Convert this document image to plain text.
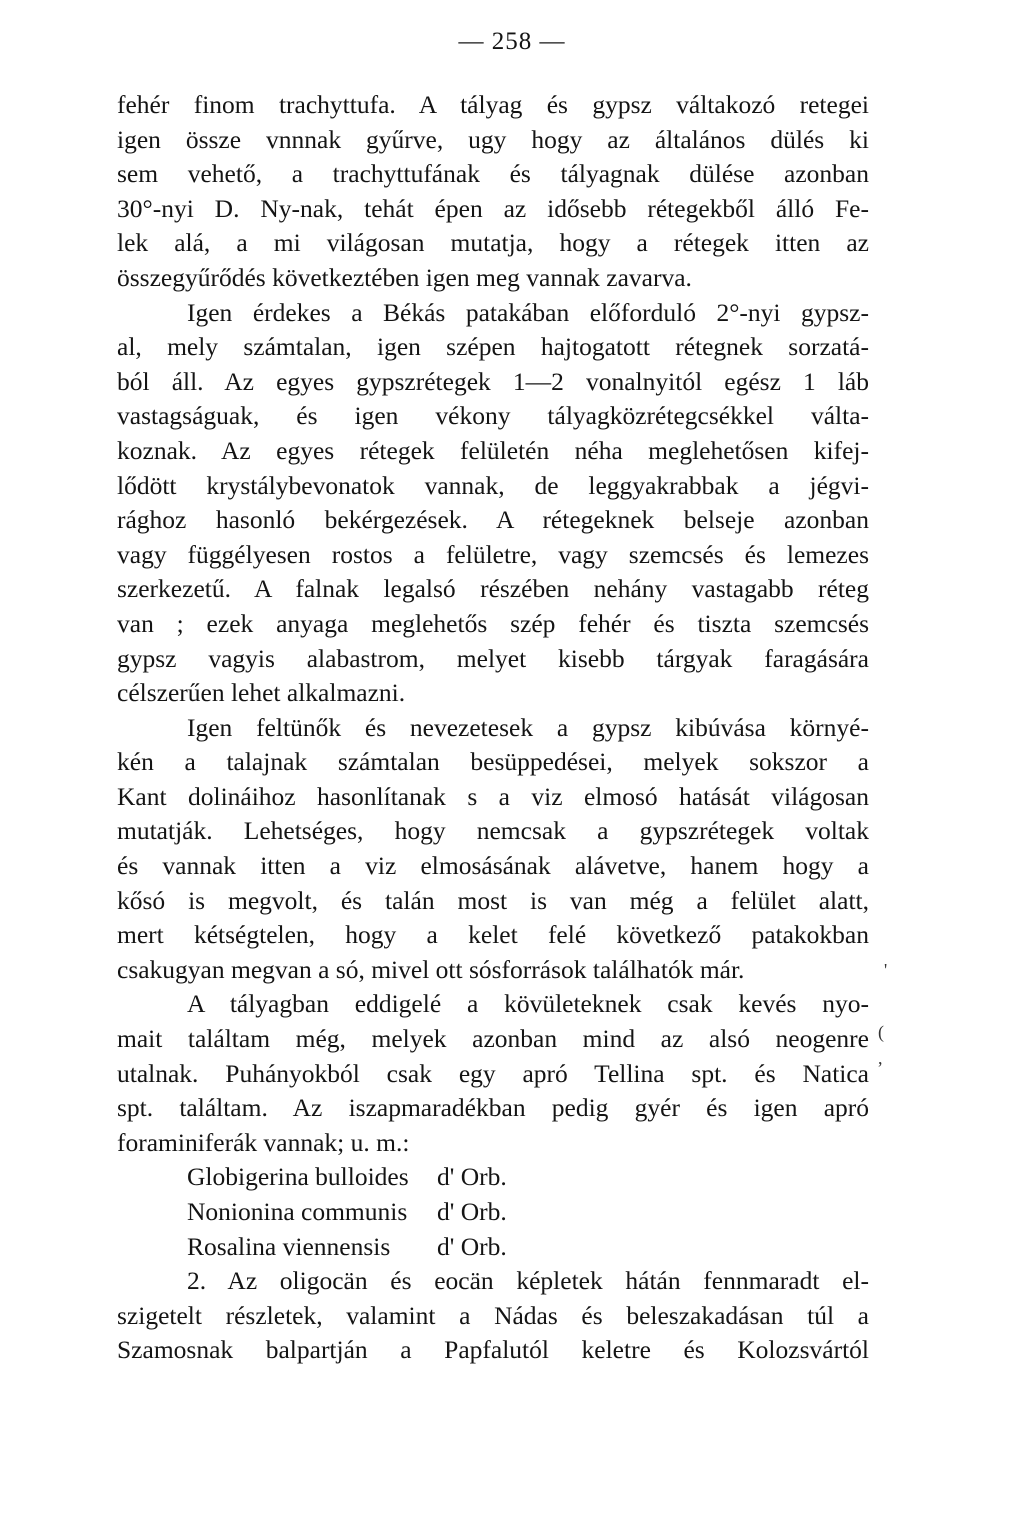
— 258 —
fehér finom trachyttufa. A tályag és gypsz váltakozó retegei
igen össze vnnnak gyűrve, ugy hogy az általános dülés ki
sem vehető, a trachyttufának és tályagnak dülése azonban
30°-nyi D. Ny-nak, tehát épen az idősebb rétegekből álló Fe-
lek alá, a mi világosan mutatja, hogy a rétegek itten az
összegyűrődés következtében igen meg vannak zavarva.
Igen érdekes a Békás patakában előforduló 2°-nyi gypsz-
al, mely számtalan, igen szépen hajtogatott rétegnek sorzatá-
ból áll. Az egyes gypszrétegek 1—2 vonalnyitól egész 1 láb
vastagságuak, és igen vékony tályagközrétegcsékkel válta-
koznak. Az egyes rétegek felületén néha meglehetősen kifej-
lődött krystálybevonatok vannak, de leggyakrabbak a jégvi-
rághoz hasonló bekérgezések. A rétegeknek belseje azonban
vagy függélyesen rostos a felületre, vagy szemcsés és lemezes
szerkezetű. A falnak legalsó részében nehány vastagabb réteg
van ; ezek anyaga meglehetős szép fehér és tiszta szemcsés
gypsz vagyis alabastrom, melyet kisebb tárgyak faragására
célszerűen lehet alkalmazni.
Igen feltünők és nevezetesek a gypsz kibúvása környé-
kén a talajnak számtalan besüppedései, melyek sokszor a
Kant dolináihoz hasonlítanak s a viz elmosó hatását világosan
mutatják. Lehetséges, hogy nemcsak a gypszrétegek voltak
és vannak itten a viz elmosásának alávetve, hanem hogy a
kősó is megvolt, és talán most is van még a felület alatt,
mert kétségtelen, hogy a kelet felé következő patakokban
csakugyan megvan a só, mivel ott sósforrások találhatók már.
A tályagban eddigelé a kövületeknek csak kevés nyo-
mait találtam még, melyek azonban mind az alsó neogenre
utalnak. Puhányokból csak egy apró Tellina spt. és Natica
spt. találtam. Az iszapmaradékban pedig gyér és igen apró
foraminiferák vannak; u. m.:
Globigerina bulloides	d' Orb.
Nonionina communis	d' Orb.
Rosalina viennensis	d' Orb.
2. Az oligocän és eocän képletek hátán fennmaradt el-
szigetelt részletek, valamint a Nádas és beleszakadásan túl a
Szamosnak balpartján a Papfalutól keletre és Kolozsvártól
'
(
,
